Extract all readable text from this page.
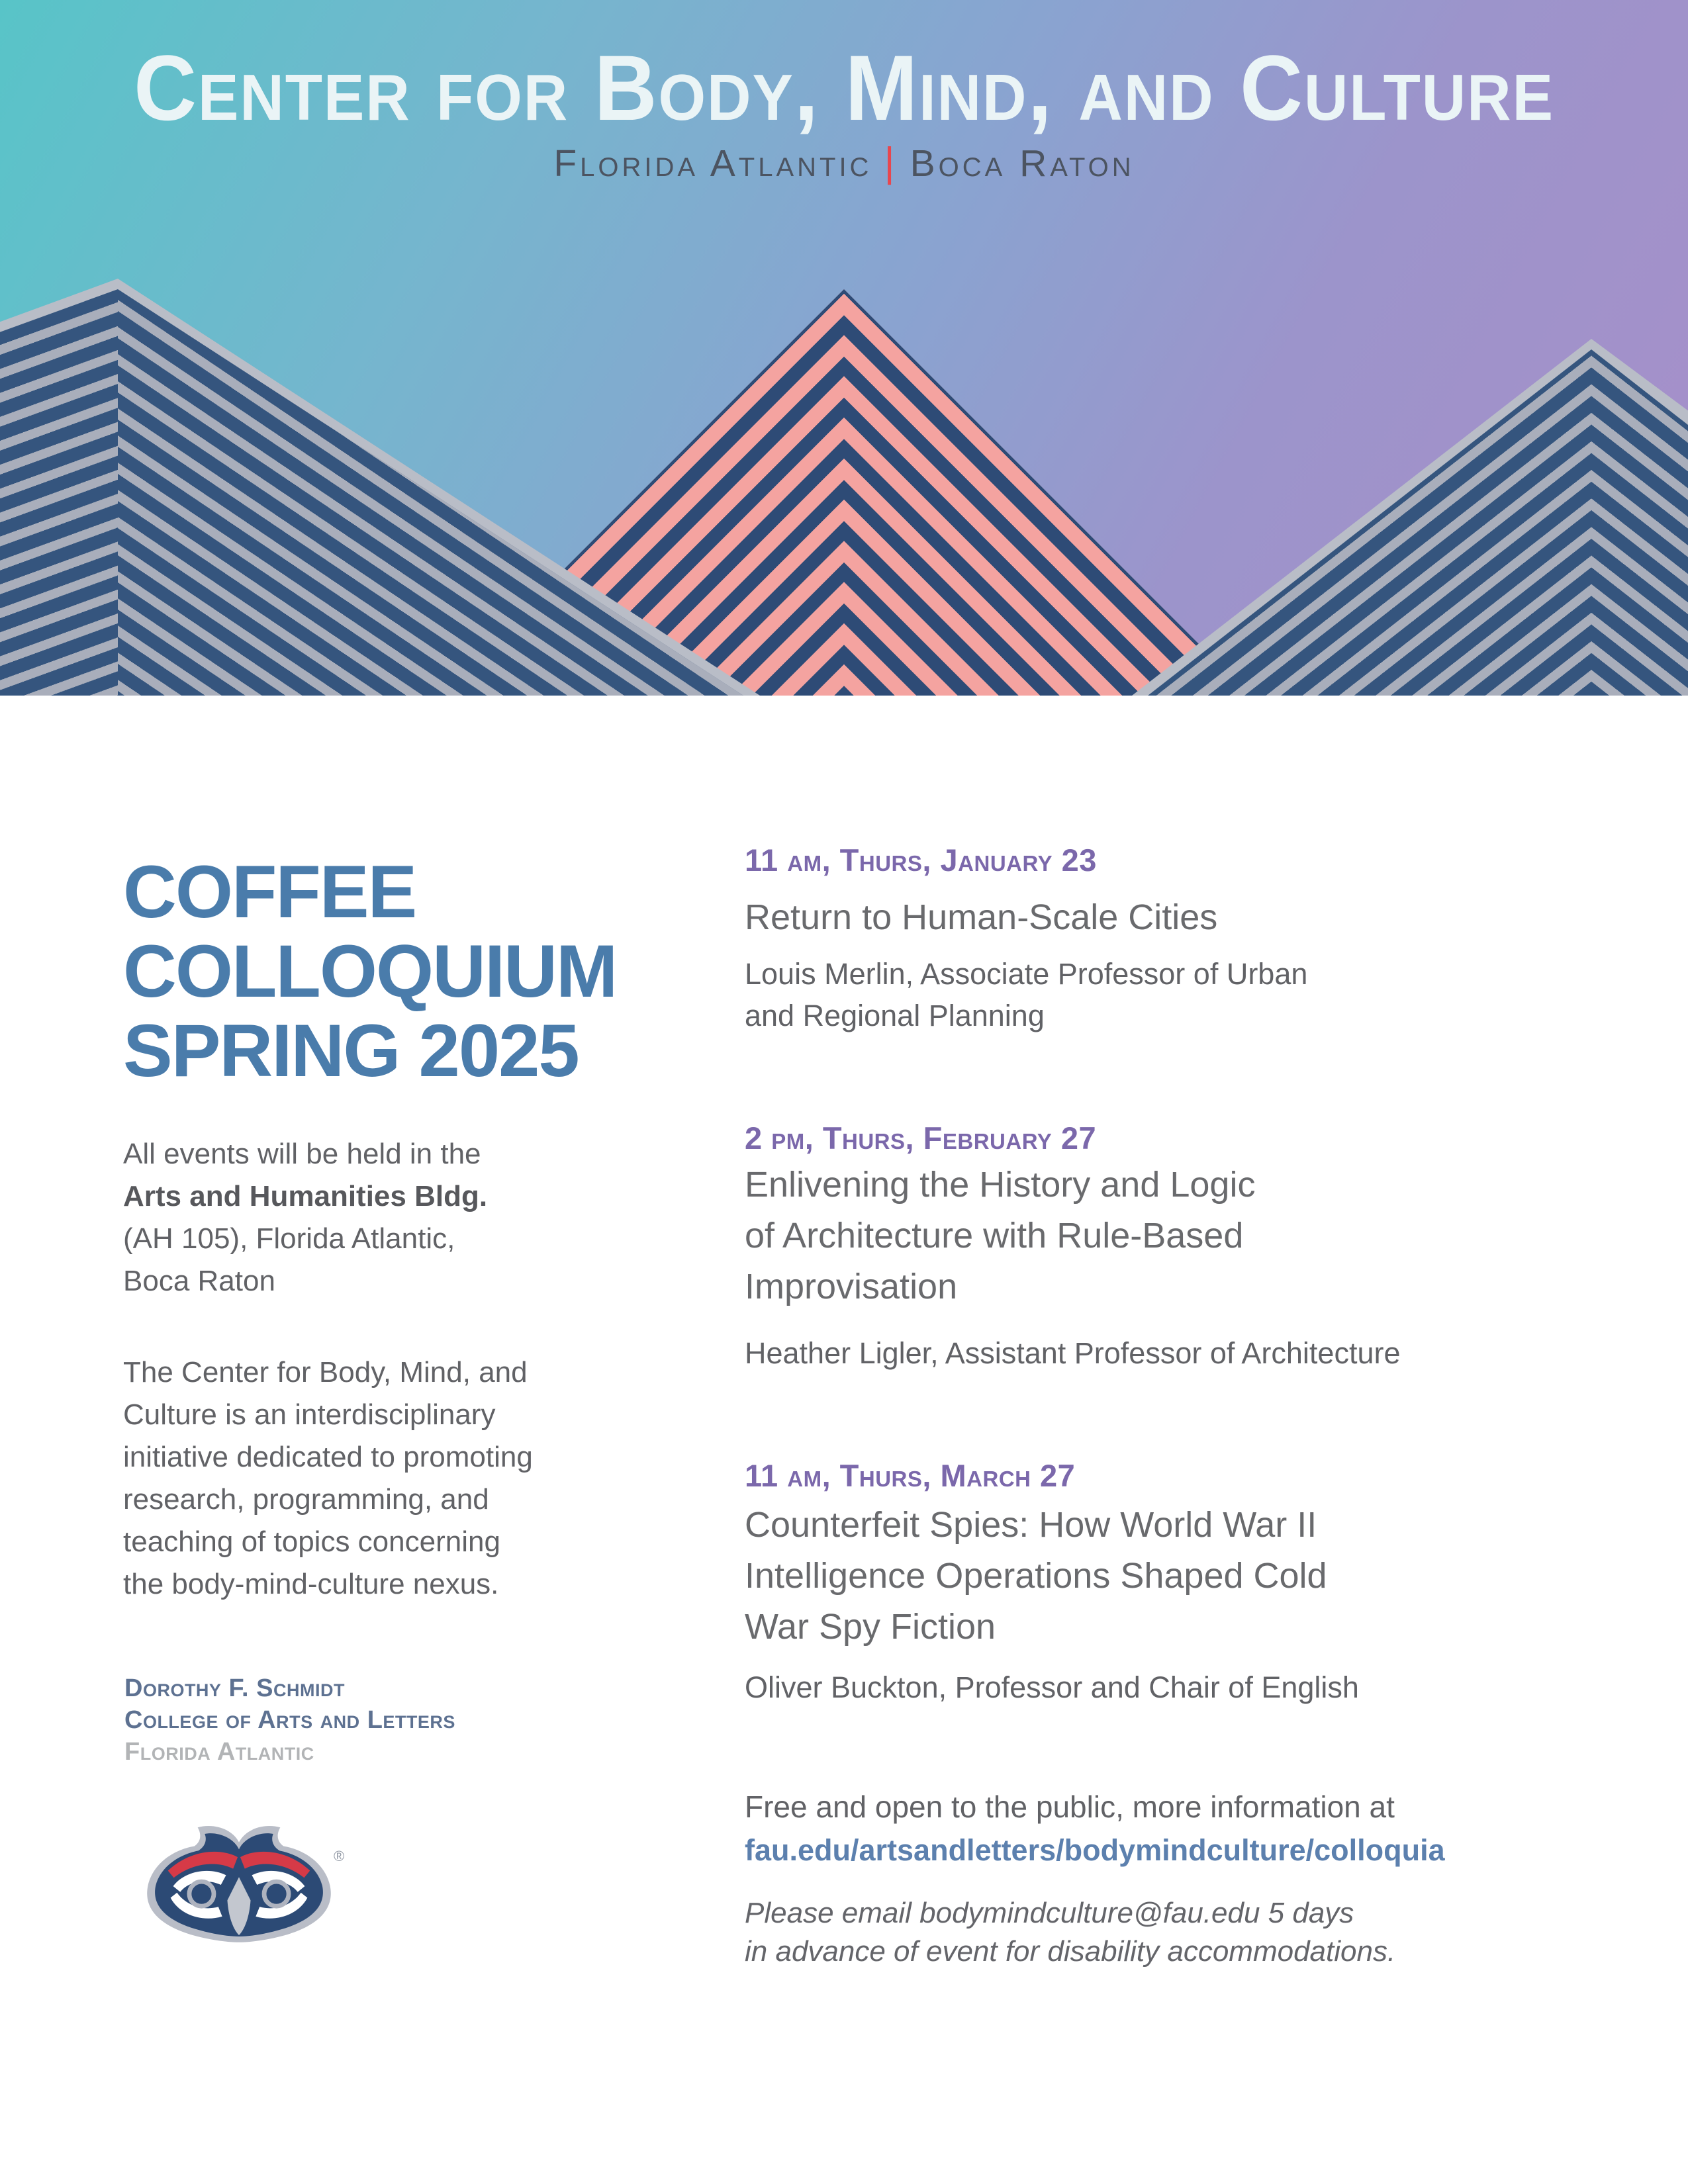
Center for Body, Mind, and Culture
Florida Atlantic | Boca Raton
COFFEE
COLLOQUIUM
SPRING 2025
All events will be held in the
Arts and Humanities Bldg.
(AH 105), Florida Atlantic,
Boca Raton
The Center for Body, Mind, and
Culture is an interdisciplinary
initiative dedicated to promoting
research, programming, and
teaching of topics concerning
the body-mind-culture nexus.
Dorothy F. Schmidt
College of Arts and Letters
Florida Atlantic
®
11 am, Thurs, January 23
Return to Human-Scale Cities
Louis Merlin, Associate Professor of Urban
and Regional Planning
2 pm, Thurs, February 27
Enlivening the History and Logic
of Architecture with Rule-Based
Improvisation
Heather Ligler, Assistant Professor of Architecture
11 am, Thurs, March 27
Counterfeit Spies: How World War II
Intelligence Operations Shaped Cold
War Spy Fiction
Oliver Buckton, Professor and Chair of English
Free and open to the public, more information at
fau.edu/artsandletters/bodymindculture/colloquia
Please email bodymindculture@fau.edu 5 days
in advance of event for disability accommodations.
